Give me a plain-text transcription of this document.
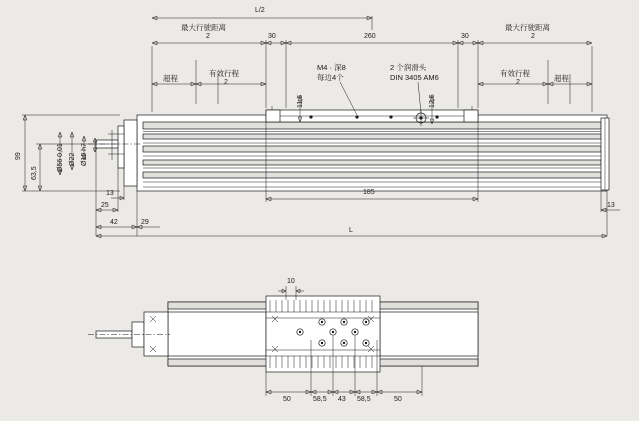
L/2
最大行驶距离
2
最大行驶距离
2
30	260	30
超程
有效行程
2
有效行程
2	超程
M4 · 深8
每边4个
2 个润滑头
DIN 3405 AM6
11,5	12,5
185
13
25
42	29
13
L
Ø22 Ø10 h7
Ø56 0,01
99
63,5
10
50	58,5 43 58,5	50
